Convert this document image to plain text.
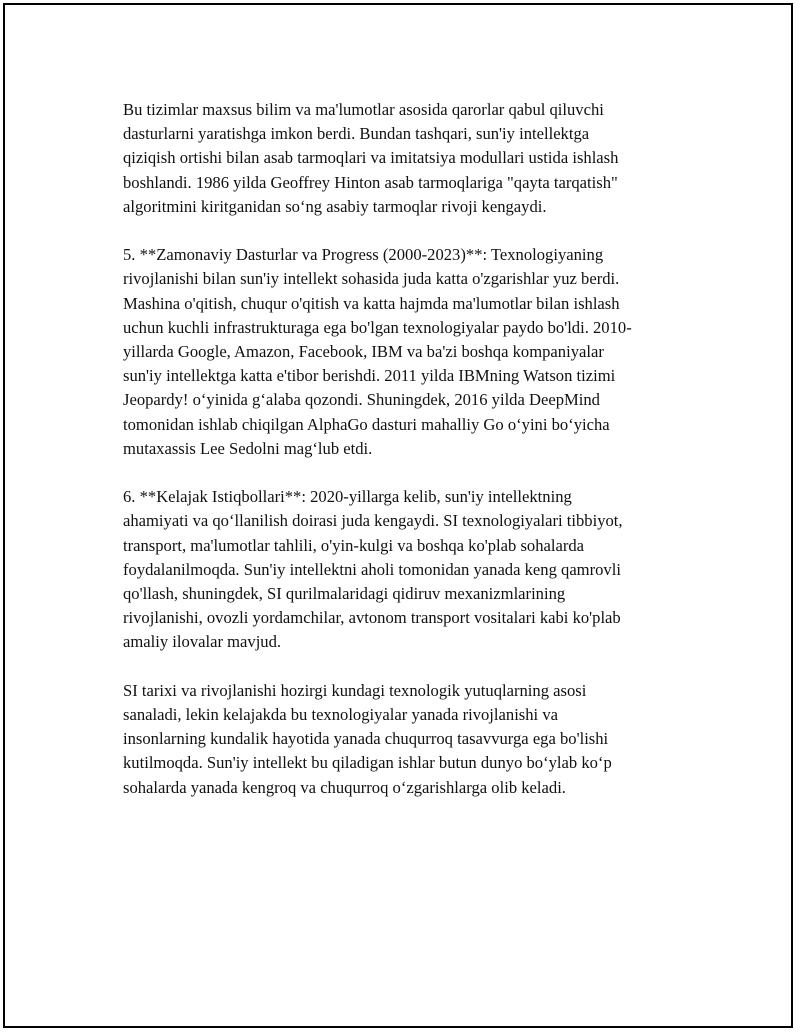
Bu tizimlar maxsus bilim va ma'lumotlar asosida qarorlar qabul qiluvchi
dasturlarni yaratishga imkon berdi. Bundan tashqari, sun'iy intellektga
qiziqish ortishi bilan asab tarmoqlari va imitatsiya modullari ustida ishlash
boshlandi. 1986 yilda Geoffrey Hinton asab tarmoqlariga "qayta tarqatish"
algoritmini kiritganidan so‘ng asabiy tarmoqlar rivoji kengaydi.

5. **Zamonaviy Dasturlar va Progress (2000-2023)**: Texnologiyaning
rivojlanishi bilan sun'iy intellekt sohasida juda katta o'zgarishlar yuz berdi.
Mashina o'qitish, chuqur o'qitish va katta hajmda ma'lumotlar bilan ishlash
uchun kuchli infrastrukturaga ega bo'lgan texnologiyalar paydo bo'ldi. 2010-
yillarda Google, Amazon, Facebook, IBM va ba'zi boshqa kompaniyalar
sun'iy intellektga katta e'tibor berishdi. 2011 yilda IBMning Watson tizimi
Jeopardy! o‘yinida g‘alaba qozondi. Shuningdek, 2016 yilda DeepMind
tomonidan ishlab chiqilgan AlphaGo dasturi mahalliy Go o‘yini bo‘yicha
mutaxassis Lee Sedolni mag‘lub etdi.

6. **Kelajak Istiqbollari**: 2020-yillarga kelib, sun'iy intellektning
ahamiyati va qo‘llanilish doirasi juda kengaydi. SI texnologiyalari tibbiyot,
transport, ma'lumotlar tahlili, o'yin-kulgi va boshqa ko'plab sohalarda
foydalanilmoqda. Sun'iy intellektni aholi tomonidan yanada keng qamrovli
qo'llash, shuningdek, SI qurilmalaridagi qidiruv mexanizmlarining
rivojlanishi, ovozli yordamchilar, avtonom transport vositalari kabi ko'plab
amaliy ilovalar mavjud.

SI tarixi va rivojlanishi hozirgi kundagi texnologik yutuqlarning asosi
sanaladi, lekin kelajakda bu texnologiyalar yanada rivojlanishi va
insonlarning kundalik hayotida yanada chuqurroq tasavvurga ega bo'lishi
kutilmoqda. Sun'iy intellekt bu qiladigan ishlar butun dunyo bo‘ylab ko‘p
sohalarda yanada kengroq va chuqurroq o‘zgarishlarga olib keladi.
